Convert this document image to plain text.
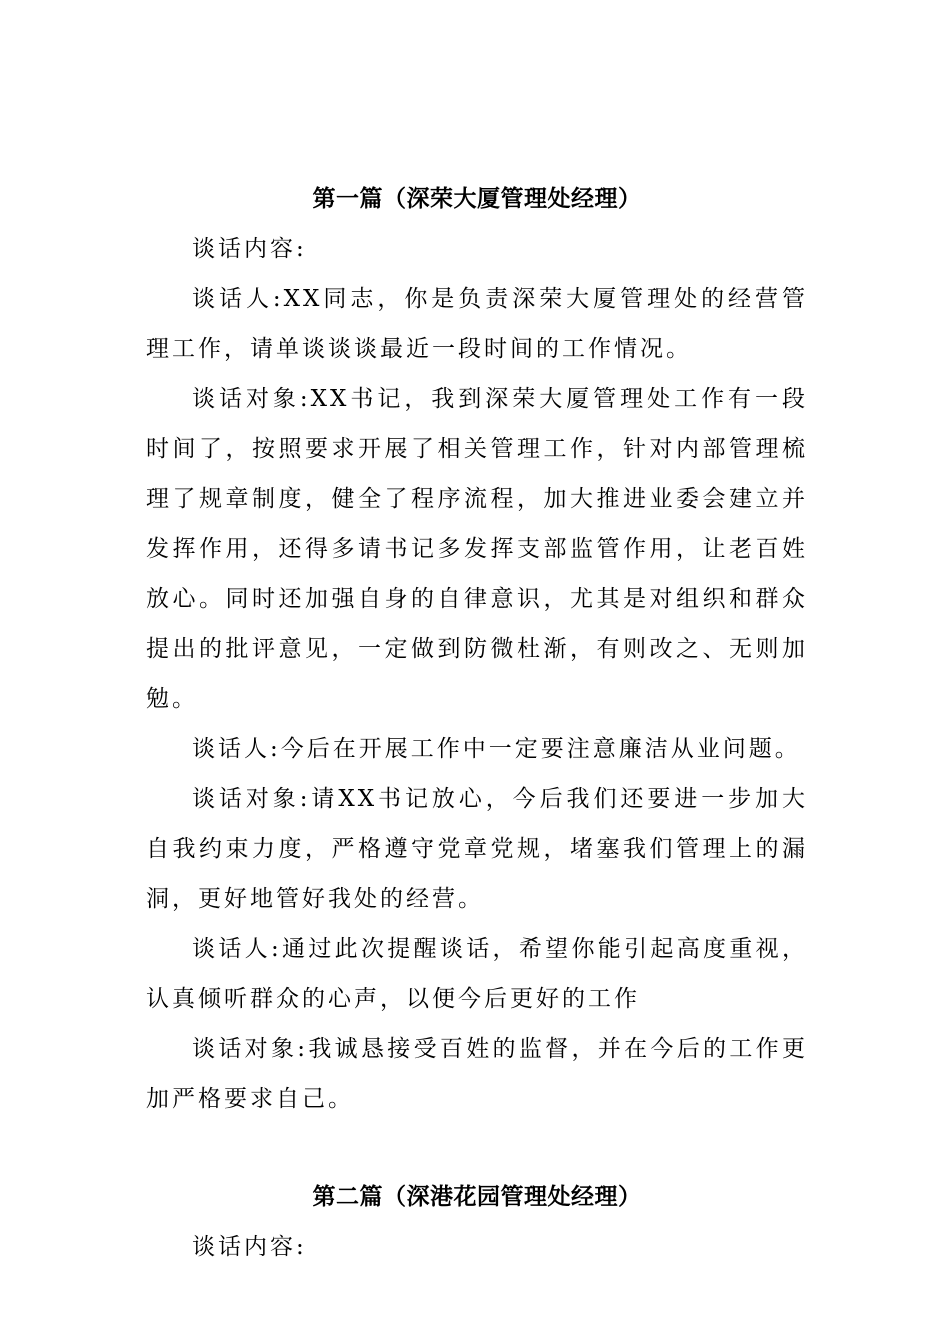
第一篇（深荣大厦管理处经理）

谈话内容:

谈话人:XX同志，你是负责深荣大厦管理处的经营管理工作，请单谈谈谈最近一段时间的工作情况。

谈话对象:XX书记，我到深荣大厦管理处工作有一段时间了，按照要求开展了相关管理工作，针对内部管理梳理了规章制度，健全了程序流程，加大推进业委会建立并发挥作用，还得多请书记多发挥支部监管作用，让老百姓放心。同时还加强自身的自律意识，尤其是对组织和群众提出的批评意见，一定做到防微杜渐，有则改之、无则加勉。

谈话人:今后在开展工作中一定要注意廉洁从业问题。

谈话对象:请XX书记放心，今后我们还要进一步加大自我约束力度，严格遵守党章党规，堵塞我们管理上的漏洞，更好地管好我处的经营。

谈话人:通过此次提醒谈话，希望你能引起高度重视，认真倾听群众的心声，以便今后更好的工作

谈话对象:我诚恳接受百姓的监督，并在今后的工作更加严格要求自己。

第二篇（深港花园管理处经理）

谈话内容:
